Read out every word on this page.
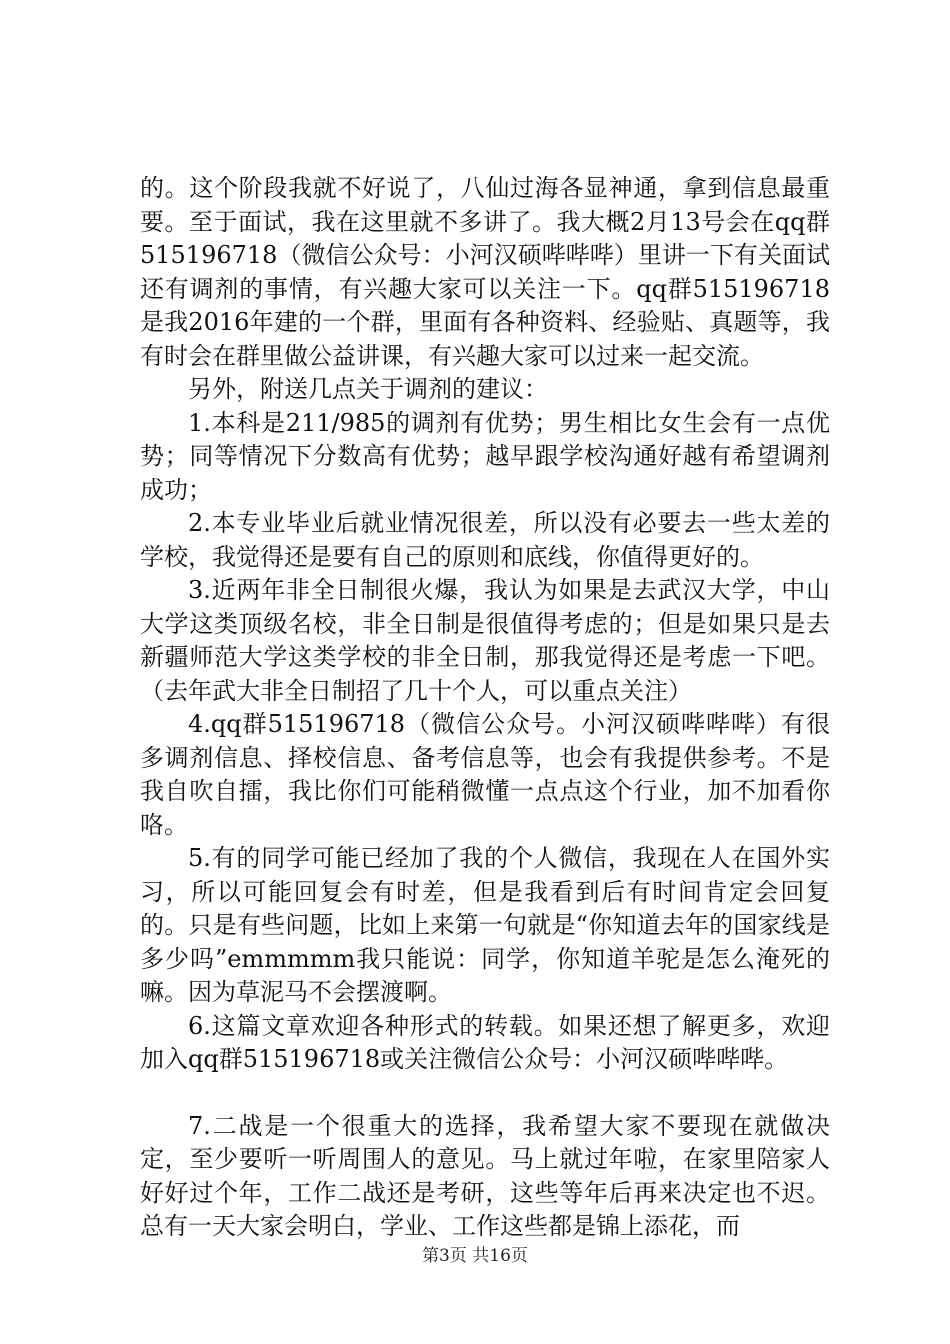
的。这个阶段我就不好说了，八仙过海各显神通，拿到信息最重要。至于面试，我在这里就不多讲了。我大概2月13号会在qq群515196718（微信公众号：小河汉硕哔哔哔）里讲一下有关面试还有调剂的事情，有兴趣大家可以关注一下。qq群515196718是我2016年建的一个群，里面有各种资料、经验贴、真题等，我有时会在群里做公益讲课，有兴趣大家可以过来一起交流。

另外，附送几点关于调剂的建议：

1.本科是211/985的调剂有优势；男生相比女生会有一点优势；同等情况下分数高有优势；越早跟学校沟通好越有希望调剂成功；

2.本专业毕业后就业情况很差，所以没有必要去一些太差的学校，我觉得还是要有自己的原则和底线，你值得更好的。

3.近两年非全日制很火爆，我认为如果是去武汉大学，中山大学这类顶级名校，非全日制是很值得考虑的；但是如果只是去新疆师范大学这类学校的非全日制，那我觉得还是考虑一下吧。（去年武大非全日制招了几十个人，可以重点关注）

4.qq群515196718（微信公众号。小河汉硕哔哔哔）有很多调剂信息、择校信息、备考信息等，也会有我提供参考。不是我自吹自擂，我比你们可能稍微懂一点点这个行业，加不加看你咯。

5.有的同学可能已经加了我的个人微信，我现在人在国外实习，所以可能回复会有时差，但是我看到后有时间肯定会回复的。只是有些问题，比如上来第一句就是“你知道去年的国家线是多少吗”emmmmm我只能说：同学，你知道羊驼是怎么淹死的嘛。因为草泥马不会摆渡啊。

6.这篇文章欢迎各种形式的转载。如果还想了解更多，欢迎加入qq群515196718或关注微信公众号：小河汉硕哔哔哔。

7.二战是一个很重大的选择，我希望大家不要现在就做决定，至少要听一听周围人的意见。马上就过年啦，在家里陪家人好好过个年，工作二战还是考研，这些等年后再来决定也不迟。总有一天大家会明白，学业、工作这些都是锦上添花，而

第3页 共16页
